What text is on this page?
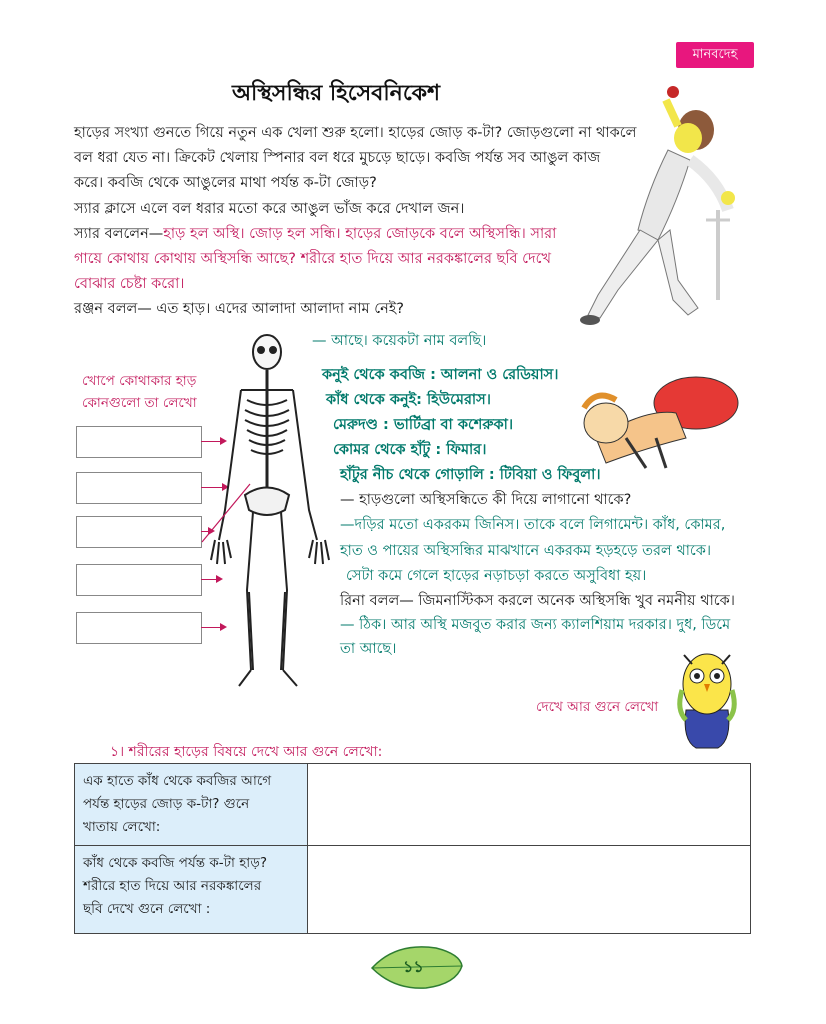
মানবদেহ
অস্থিসন্ধির হিসেবনিকেশ
হাড়ের সংখ্যা গুনতে গিয়ে নতুন এক খেলা শুরু হলো। হাড়ের জোড় ক-টা? জোড়গুলো না থাকলে
বল ধরা যেত না। ক্রিকেট খেলায় স্পিনার বল ধরে মুচড়ে ছাড়ে। কবজি পর্যন্ত সব আঙুল কাজ
করে। কবজি থেকে আঙুলের মাথা পর্যন্ত ক-টা জোড়?
স্যার ক্লাসে এলে বল ধরার মতো করে আঙুল ভাঁজ করে দেখাল জন।
স্যার বললেন—হাড় হল অস্থি। জোড় হল সন্ধি। হাড়ের জোড়কে বলে অস্থিসন্ধি। সারা
গায়ে কোথায় কোথায় অস্থিসন্ধি আছে? শরীরে হাত দিয়ে আর নরকঙ্কালের ছবি দেখে
বোঝার চেষ্টা করো।
রঞ্জন বলল— এত হাড়। এদের আলাদা আলাদা নাম নেই?
খোপে কোথাকার হাড়
কোনগুলো তা লেখো
— আছে। কয়েকটা নাম বলছি।
কনুই থেকে কবজি : আলনা ও রেডিয়াস।
কাঁধ থেকে কনুই: হিউমেরাস।
মেরুদণ্ড : ভার্টিব্রা বা কশেরুকা।
কোমর থেকে হাঁটু : ফিমার।
হাঁটুর নীচ থেকে গোড়ালি : টিবিয়া ও ফিবুলা।
— হাড়গুলো অস্থিসন্ধিতে কী দিয়ে লাগানো থাকে?
—দড়ির মতো একরকম জিনিস। তাকে বলে লিগামেন্ট। কাঁধ, কোমর,
হাত ও পায়ের অস্থিসন্ধির মাঝখানে একরকম হড়হড়ে তরল থাকে।
সেটা কমে গেলে হাড়ের নড়াচড়া করতে অসুবিধা হয়।
রিনা বলল— জিমনাস্টিকস করলে অনেক অস্থিসন্ধি খুব নমনীয় থাকে।
— ঠিক। আর অস্থি মজবুত করার জন্য ক্যালশিয়াম দরকার। দুধ, ডিমে
তা আছে।
দেখে আর গুনে লেখো
১। শরীরের হাড়ের বিষয়ে দেখে আর গুনে লেখো:
এক হাতে কাঁধ থেকে কবজির আগে
পর্যন্ত হাড়ের জোড় ক-টা? গুনে
খাতায় লেখো:	

কাঁধ থেকে কবজি পর্যন্ত ক-টা হাড়?
শরীরে হাত দিয়ে আর নরকঙ্কালের
ছবি দেখে গুনে লেখো :	

১১
